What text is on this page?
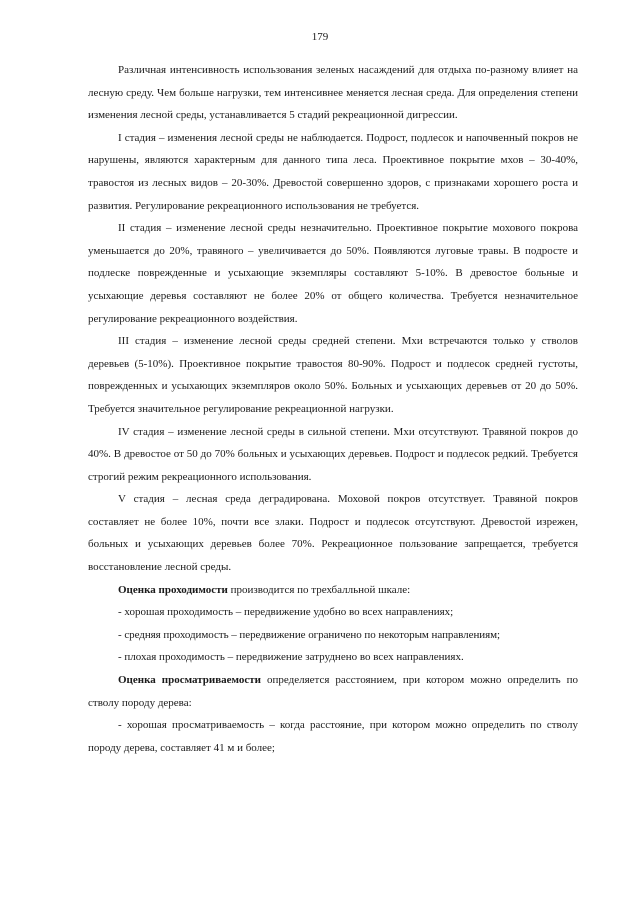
179

Различная интенсивность использования зеленых насаждений для отдыха по-разному влияет на лесную среду. Чем больше нагрузки, тем интенсивнее меняется лесная среда. Для определения степени изменения лесной среды, устанавливается 5 стадий рекреационной дигрессии.

I стадия – изменения лесной среды не наблюдается. Подрост, подлесок и напочвенный покров не нарушены, являются характерным для данного типа леса. Проективное покрытие мхов – 30-40%, травостоя из лесных видов – 20-30%. Древостой совершенно здоров, с признаками хорошего роста и развития. Регулирование рекреационного использования не требуется.

II стадия – изменение лесной среды незначительно. Проективное покрытие мохового покрова уменьшается до 20%, травяного – увеличивается до 50%. Появляются луговые травы. В подросте и подлеске поврежденные и усыхающие экземпляры составляют 5-10%. В древостое больные и усыхающие деревья составляют не более 20% от общего количества. Требуется незначительное регулирование рекреационного воздействия.

III стадия – изменение лесной среды средней степени. Мхи встречаются только у стволов деревьев (5-10%). Проективное покрытие травостоя 80-90%. Подрост и подлесок средней густоты, поврежденных и усыхающих экземпляров около 50%. Больных и усыхающих деревьев от 20 до 50%. Требуется значительное регулирование рекреационной нагрузки.

IV стадия – изменение лесной среды в сильной степени. Мхи отсутствуют. Травяной покров до 40%. В древостое от 50 до 70% больных и усыхающих деревьев. Подрост и подлесок редкий. Требуется строгий режим рекреационного использования.

V стадия – лесная среда деградирована. Моховой покров отсутствует. Травяной покров составляет не более 10%, почти все злаки. Подрост и подлесок отсутствуют. Древостой изрежен, больных и усыхающих деревьев более 70%. Рекреационное пользование запрещается, требуется восстановление лесной среды.

Оценка проходимости производится по трехбалльной шкале:

- хорошая проходимость – передвижение удобно во всех направлениях;

- средняя проходимость – передвижение ограничено по некоторым направлениям;

- плохая проходимость – передвижение затруднено во всех направлениях.

Оценка просматриваемости определяется расстоянием, при котором можно определить по стволу породу дерева:

- хорошая просматриваемость – когда расстояние, при котором можно определить по стволу породу дерева, составляет 41 м и более;
